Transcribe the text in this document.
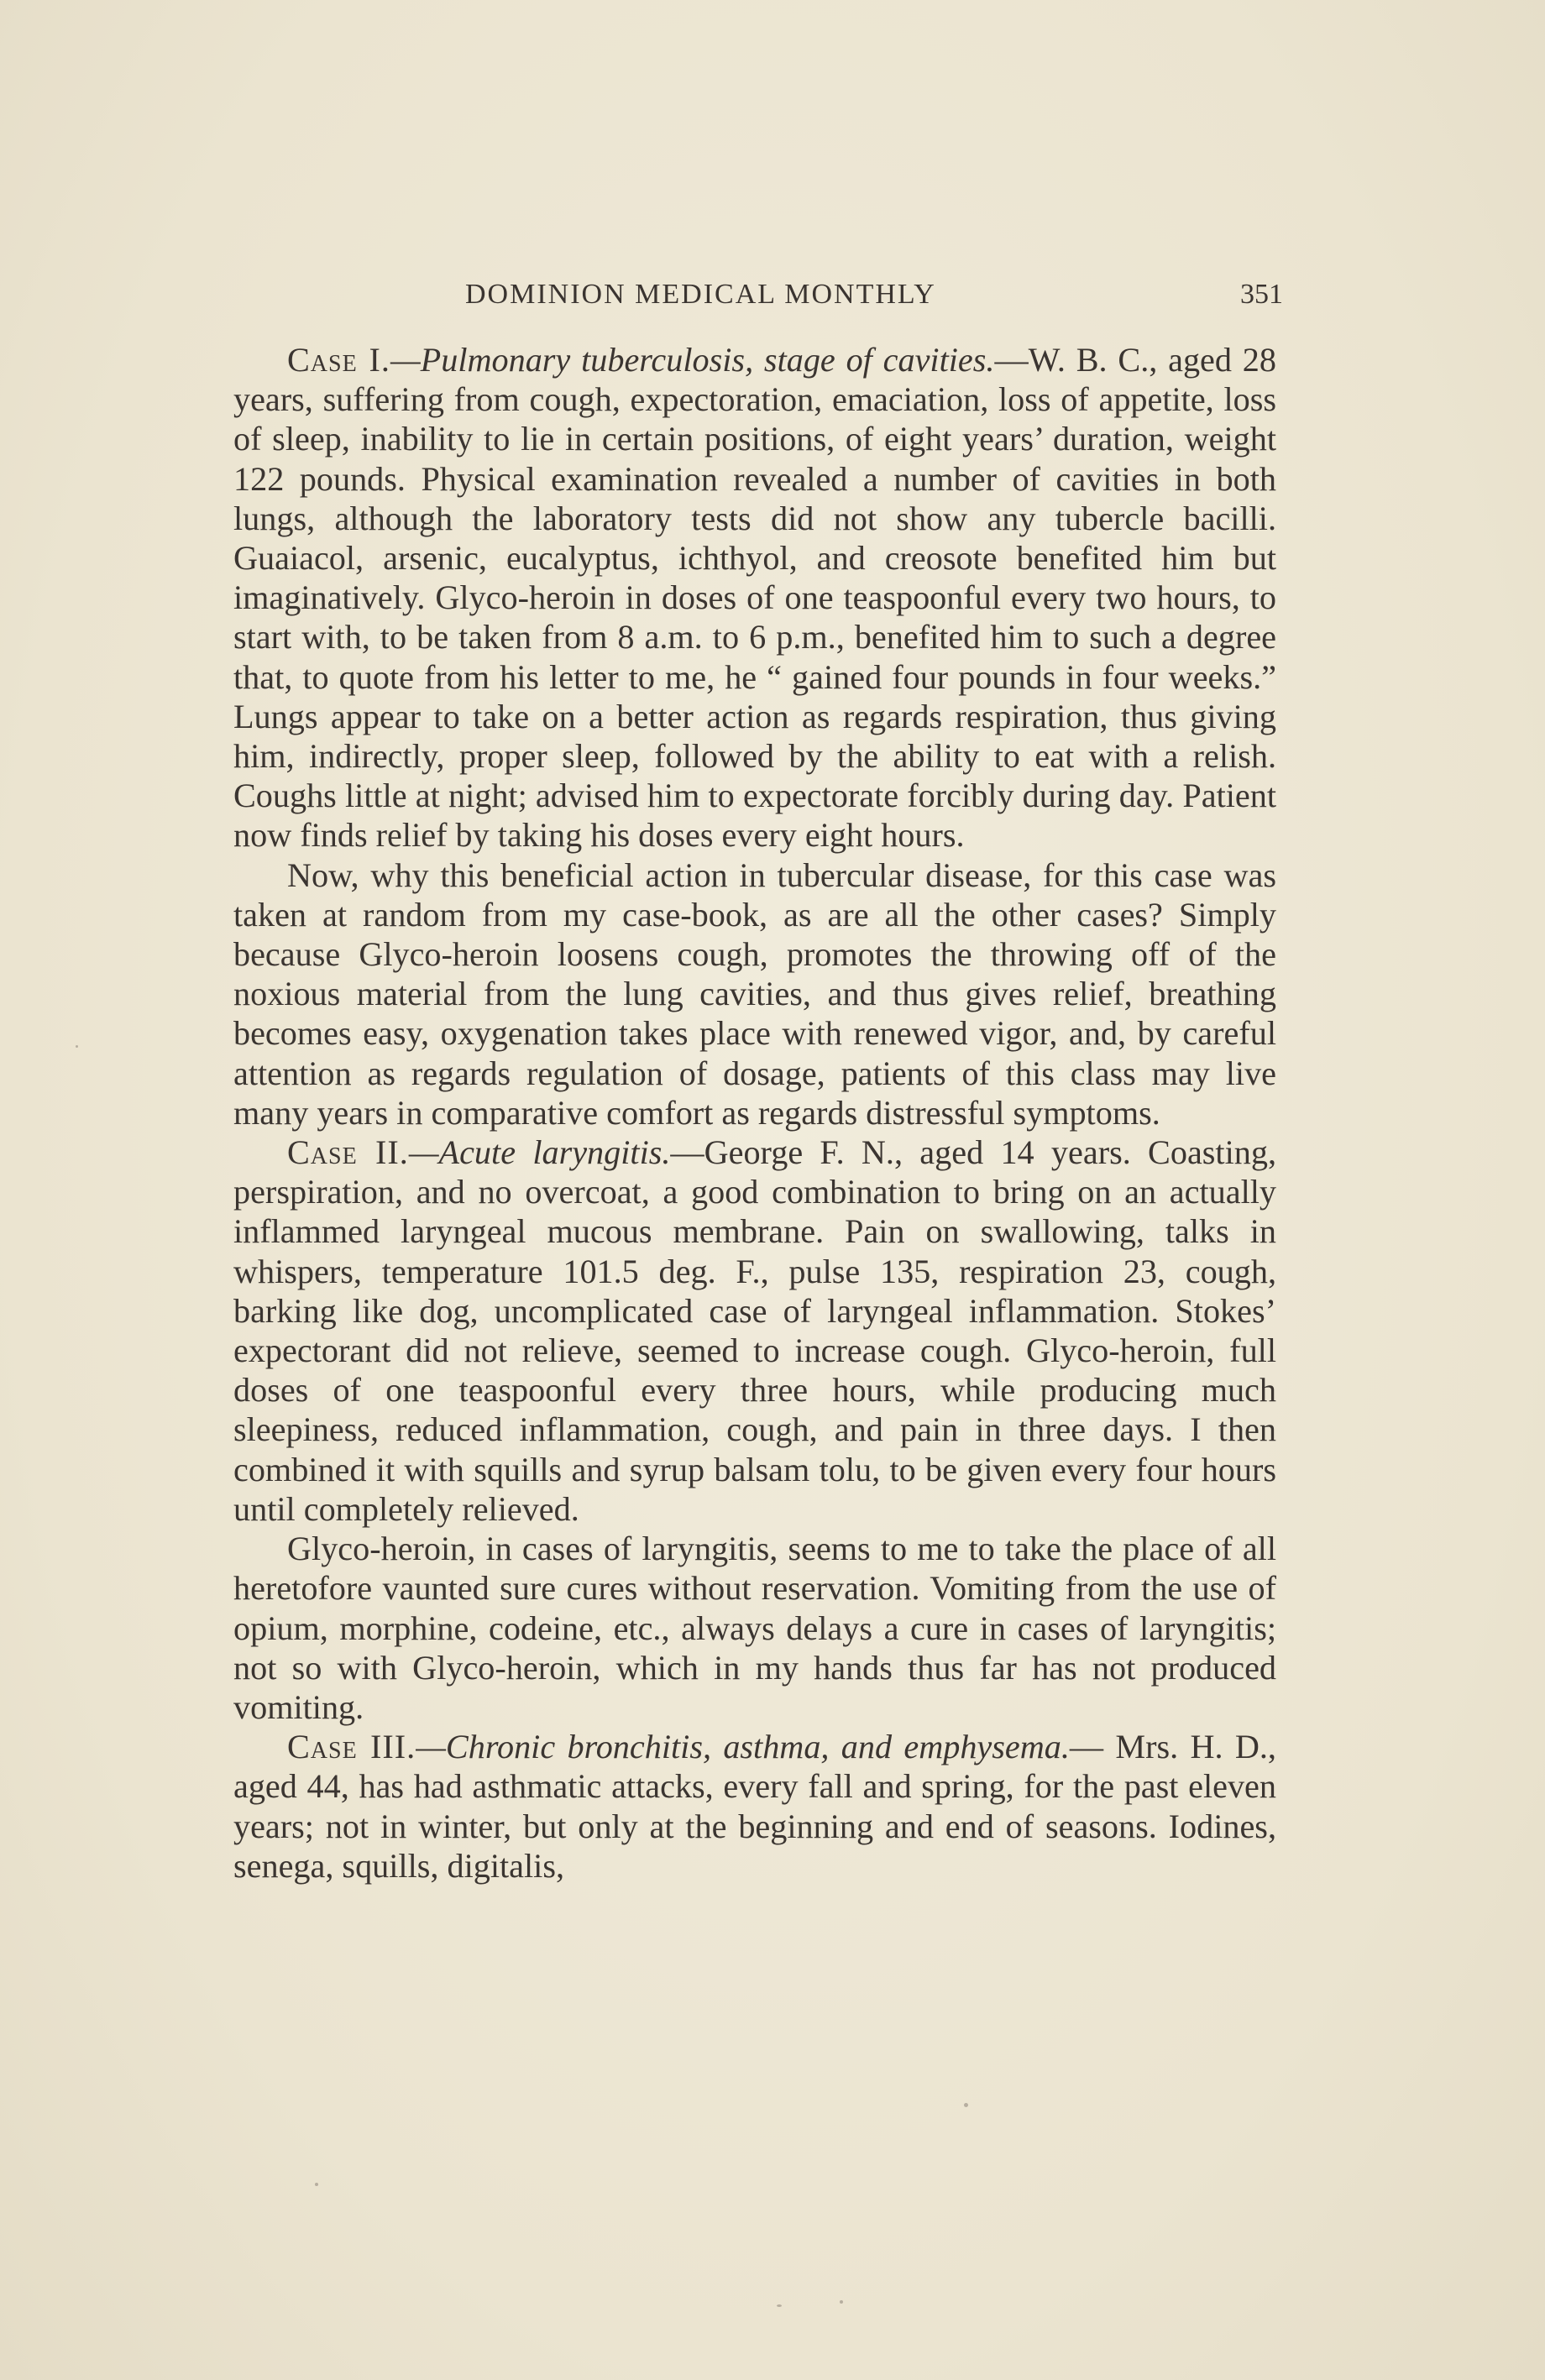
DOMINION MEDICAL MONTHLY	351

Case I.—Pulmonary tuberculosis, stage of cavities.—W. B. C., aged 28 years, suffering from cough, expectoration, emaciation, loss of appetite, loss of sleep, inability to lie in certain positions, of eight years’ duration, weight 122 pounds. Physical examination revealed a number of cavities in both lungs, although the laboratory tests did not show any tubercle bacilli. Guaiacol, arsenic, eucalyptus, ichthyol, and creosote benefited him but imaginatively. Glyco-heroin in doses of one teaspoonful every two hours, to start with, to be taken from 8 a.m. to 6 p.m., benefited him to such a degree that, to quote from his letter to me, he “ gained four pounds in four weeks.” Lungs appear to take on a better action as regards respiration, thus giving him, indirectly, proper sleep, followed by the ability to eat with a relish. Coughs little at night; advised him to expectorate forcibly during day. Patient now finds relief by taking his doses every eight hours.

Now, why this beneficial action in tubercular disease, for this case was taken at random from my case-book, as are all the other cases? Simply because Glyco-heroin loosens cough, promotes the throwing off of the noxious material from the lung cavities, and thus gives relief, breathing becomes easy, oxygenation takes place with renewed vigor, and, by careful attention as regards regulation of dosage, patients of this class may live many years in comparative comfort as regards distressful symptoms.

Case II.—Acute laryngitis.—George F. N., aged 14 years. Coasting, perspiration, and no overcoat, a good combination to bring on an actually inflammed laryngeal mucous membrane. Pain on swallowing, talks in whispers, temperature 101.5 deg. F., pulse 135, respiration 23, cough, barking like dog, uncomplicated case of laryngeal inflammation. Stokes’ expectorant did not relieve, seemed to increase cough. Glyco-heroin, full doses of one teaspoonful every three hours, while producing much sleepiness, reduced inflammation, cough, and pain in three days. I then combined it with squills and syrup balsam tolu, to be given every four hours until completely relieved.

Glyco-heroin, in cases of laryngitis, seems to me to take the place of all heretofore vaunted sure cures without reservation. Vomiting from the use of opium, morphine, codeine, etc., always delays a cure in cases of laryngitis; not so with Glyco-heroin, which in my hands thus far has not produced vomiting.

Case III.—Chronic bronchitis, asthma, and emphysema.— Mrs. H. D., aged 44, has had asthmatic attacks, every fall and spring, for the past eleven years; not in winter, but only at the beginning and end of seasons. Iodines, senega, squills, digitalis,
